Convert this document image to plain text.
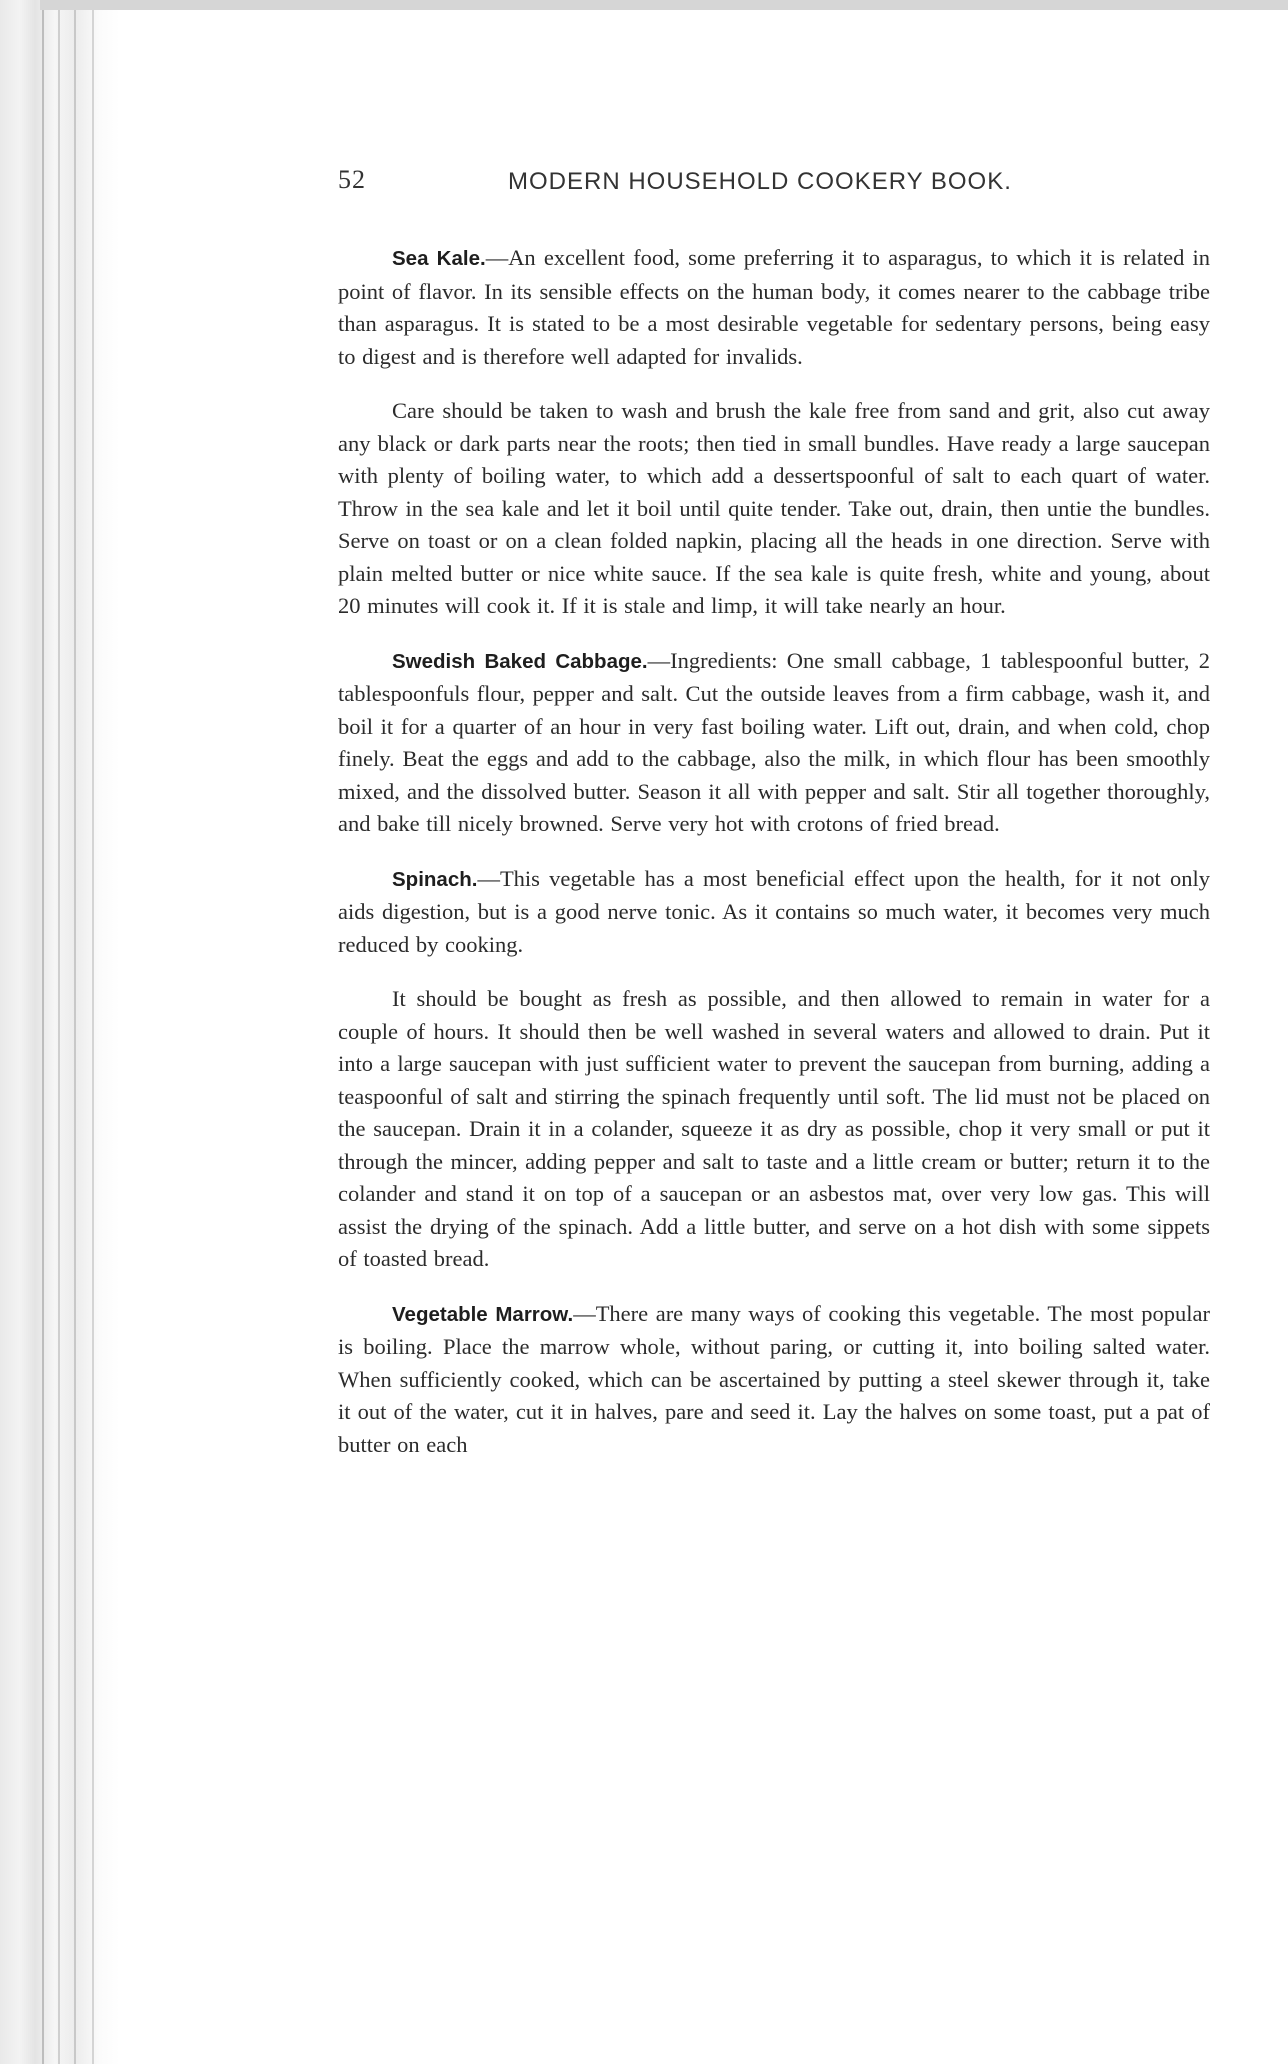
52	MODERN HOUSEHOLD COOKERY BOOK.

Sea Kale.—An excellent food, some preferring it to asparagus, to which it is related in point of flavor. In its sensible effects on the human body, it comes nearer to the cabbage tribe than asparagus. It is stated to be a most desirable vegetable for sedentary persons, being easy to digest and is therefore well adapted for invalids.

Care should be taken to wash and brush the kale free from sand and grit, also cut away any black or dark parts near the roots; then tied in small bundles. Have ready a large saucepan with plenty of boiling water, to which add a dessertspoonful of salt to each quart of water. Throw in the sea kale and let it boil until quite tender. Take out, drain, then untie the bundles. Serve on toast or on a clean folded napkin, placing all the heads in one direction. Serve with plain melted butter or nice white sauce. If the sea kale is quite fresh, white and young, about 20 minutes will cook it. If it is stale and limp, it will take nearly an hour.

Swedish Baked Cabbage.—Ingredients: One small cabbage, 1 tablespoonful butter, 2 tablespoonfuls flour, pepper and salt. Cut the outside leaves from a firm cabbage, wash it, and boil it for a quarter of an hour in very fast boiling water. Lift out, drain, and when cold, chop finely. Beat the eggs and add to the cabbage, also the milk, in which flour has been smoothly mixed, and the dissolved butter. Season it all with pepper and salt. Stir all together thoroughly, and bake till nicely browned. Serve very hot with crotons of fried bread.

Spinach.—This vegetable has a most beneficial effect upon the health, for it not only aids digestion, but is a good nerve tonic. As it contains so much water, it becomes very much reduced by cooking.

It should be bought as fresh as possible, and then allowed to remain in water for a couple of hours. It should then be well washed in several waters and allowed to drain. Put it into a large saucepan with just sufficient water to prevent the saucepan from burning, adding a teaspoonful of salt and stirring the spinach frequently until soft. The lid must not be placed on the saucepan. Drain it in a colander, squeeze it as dry as possible, chop it very small or put it through the mincer, adding pepper and salt to taste and a little cream or butter; return it to the colander and stand it on top of a saucepan or an asbestos mat, over very low gas. This will assist the drying of the spinach. Add a little butter, and serve on a hot dish with some sippets of toasted bread.

Vegetable Marrow.—There are many ways of cooking this vegetable. The most popular is boiling. Place the marrow whole, without paring, or cutting it, into boiling salted water. When sufficiently cooked, which can be ascertained by putting a steel skewer through it, take it out of the water, cut it in halves, pare and seed it. Lay the halves on some toast, put a pat of butter on each
